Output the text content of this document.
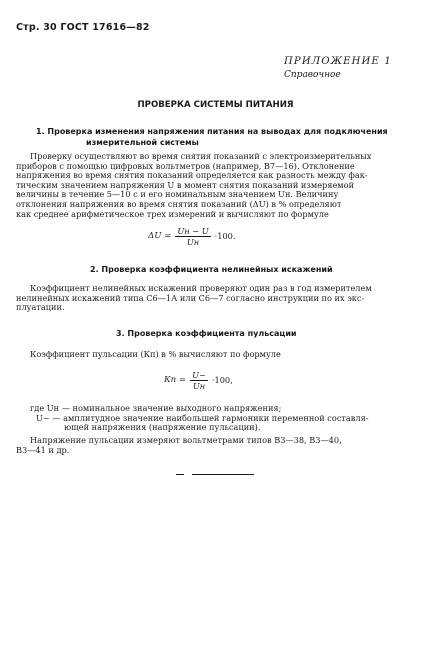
Стр. 30 ГОСТ 17616—82
ПРИЛОЖЕНИЕ 1
Справочное
ПРОВЕРКА СИСТЕМЫ ПИТАНИЯ
1. Проверка изменения напряжения питания на выводах для подключения
измерительной системы
Проверку осуществляют во время снятия показаний с электроизмерительных
приборов с помощью цифровых вольтметров (например, В7—16). Отклонение
напряжения во время снятия показаний определяется как разность между фак-
тическим значением напряжения U в момент снятия показаний измеряемой
величины в течение 5—10 с и его номинальным значением Uн. Величину
отклонения напряжения во время снятия показаний (ΔU) в % определяют
как среднее арифметическое трех измерений и вычисляют по формуле
$\Delta U = \frac{Uн - U}{Uн} \cdot 100$.
2. Проверка коэффициента нелинейных искажений
Коэффициент нелинейных искажений проверяют один раз в год измерителем
нелинейных искажений типа С6—1А или С6—7 согласно инструкции по их экс-
плуатации.
3. Проверка коэффициента пульсации
Коэффициент пульсации (Кп) в % вычисляют по формуле
Кп = $\frac{U\sim}{Uн} \cdot 100$,
где Uн — номинальное значение выходного напряжения;
U~ — амплитудное значение наибольшей гармоники переменной составля-
ющей напряжения (напряжение пульсации).
Напряжение пульсации измеряют вольтметрами типов В3—38, В3—40,
В3—41 и др.
